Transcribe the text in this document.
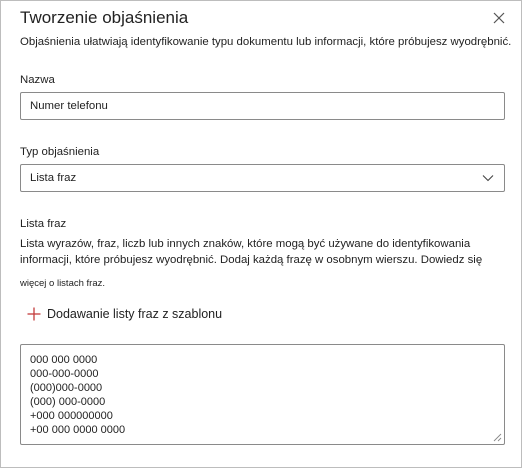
Tworzenie objaśnienia
Objaśnienia ułatwiają identyfikowanie typu dokumentu lub informacji, które próbujesz wyodrębnić.
Nazwa
Numer telefonu
Typ objaśnienia
Lista fraz
Lista fraz
Lista wyrazów, fraz, liczb lub innych znaków, które mogą być używane do identyfikowania
informacji, które próbujesz wyodrębnić. Dodaj każdą frazę w osobnym wierszu. Dowiedz się
więcej o listach fraz.
Dodawanie listy fraz z szablonu
000 000 0000
000-000-0000
(000)000-0000
(000) 000-0000
+000 000000000
+00 000 0000 0000
